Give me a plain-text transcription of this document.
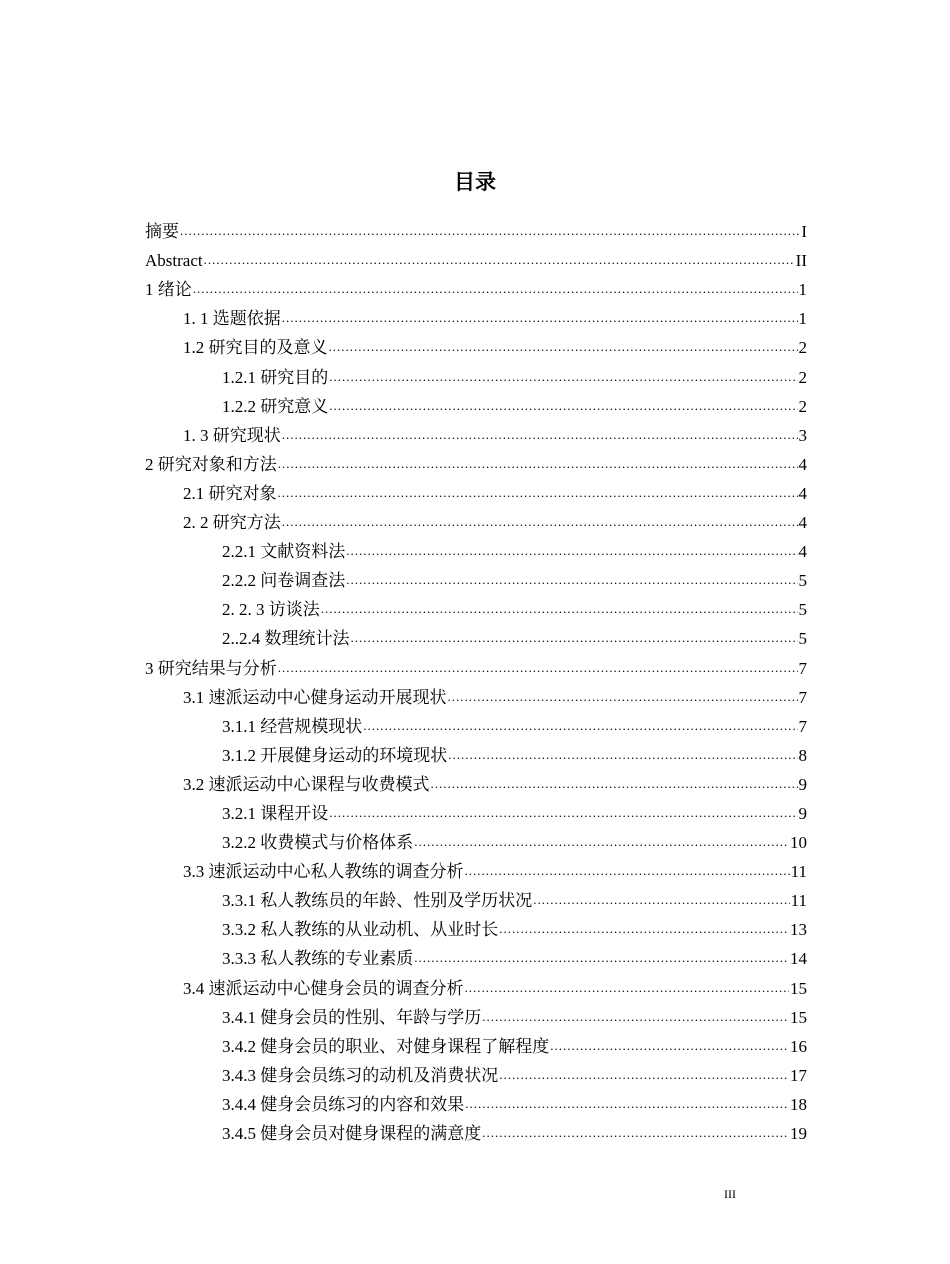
目录
摘要 .....	I
Abstract .....	II
1 绪论 .....	1
1. 1 选题依据 .....	1
1.2 研究目的及意义 .....	2
1.2.1 研究目的 .....	2
1.2.2 研究意义 .....	2
1. 3 研究现状 .....	3
2 研究对象和方法 .....	4
2.1 研究对象 .....	4
2. 2 研究方法 .....	4
2.2.1 文献资料法 .....	4
2.2.2 问卷调查法 .....	5
2. 2. 3 访谈法 .....	5
2..2.4 数理统计法 .....	5
3 研究结果与分析 .....	7
3.1 速派运动中心健身运动开展现状 .....	7
3.1.1 经营规模现状 .....	7
3.1.2 开展健身运动的环境现状 .....	8
3.2 速派运动中心课程与收费模式 .....	9
3.2.1 课程开设 .....	9
3.2.2 收费模式与价格体系 .....	10
3.3 速派运动中心私人教练的调查分析 .....	11
3.3.1 私人教练员的年龄、性别及学历状况 .....	11
3.3.2 私人教练的从业动机、从业时长 .....	13
3.3.3 私人教练的专业素质 .....	14
3.4 速派运动中心健身会员的调查分析 .....	15
3.4.1 健身会员的性别、年龄与学历 .....	15
3.4.2 健身会员的职业、对健身课程了解程度 .....	16
3.4.3 健身会员练习的动机及消费状况 .....	17
3.4.4 健身会员练习的内容和效果 .....	18
3.4.5 健身会员对健身课程的满意度 .....	19
III
